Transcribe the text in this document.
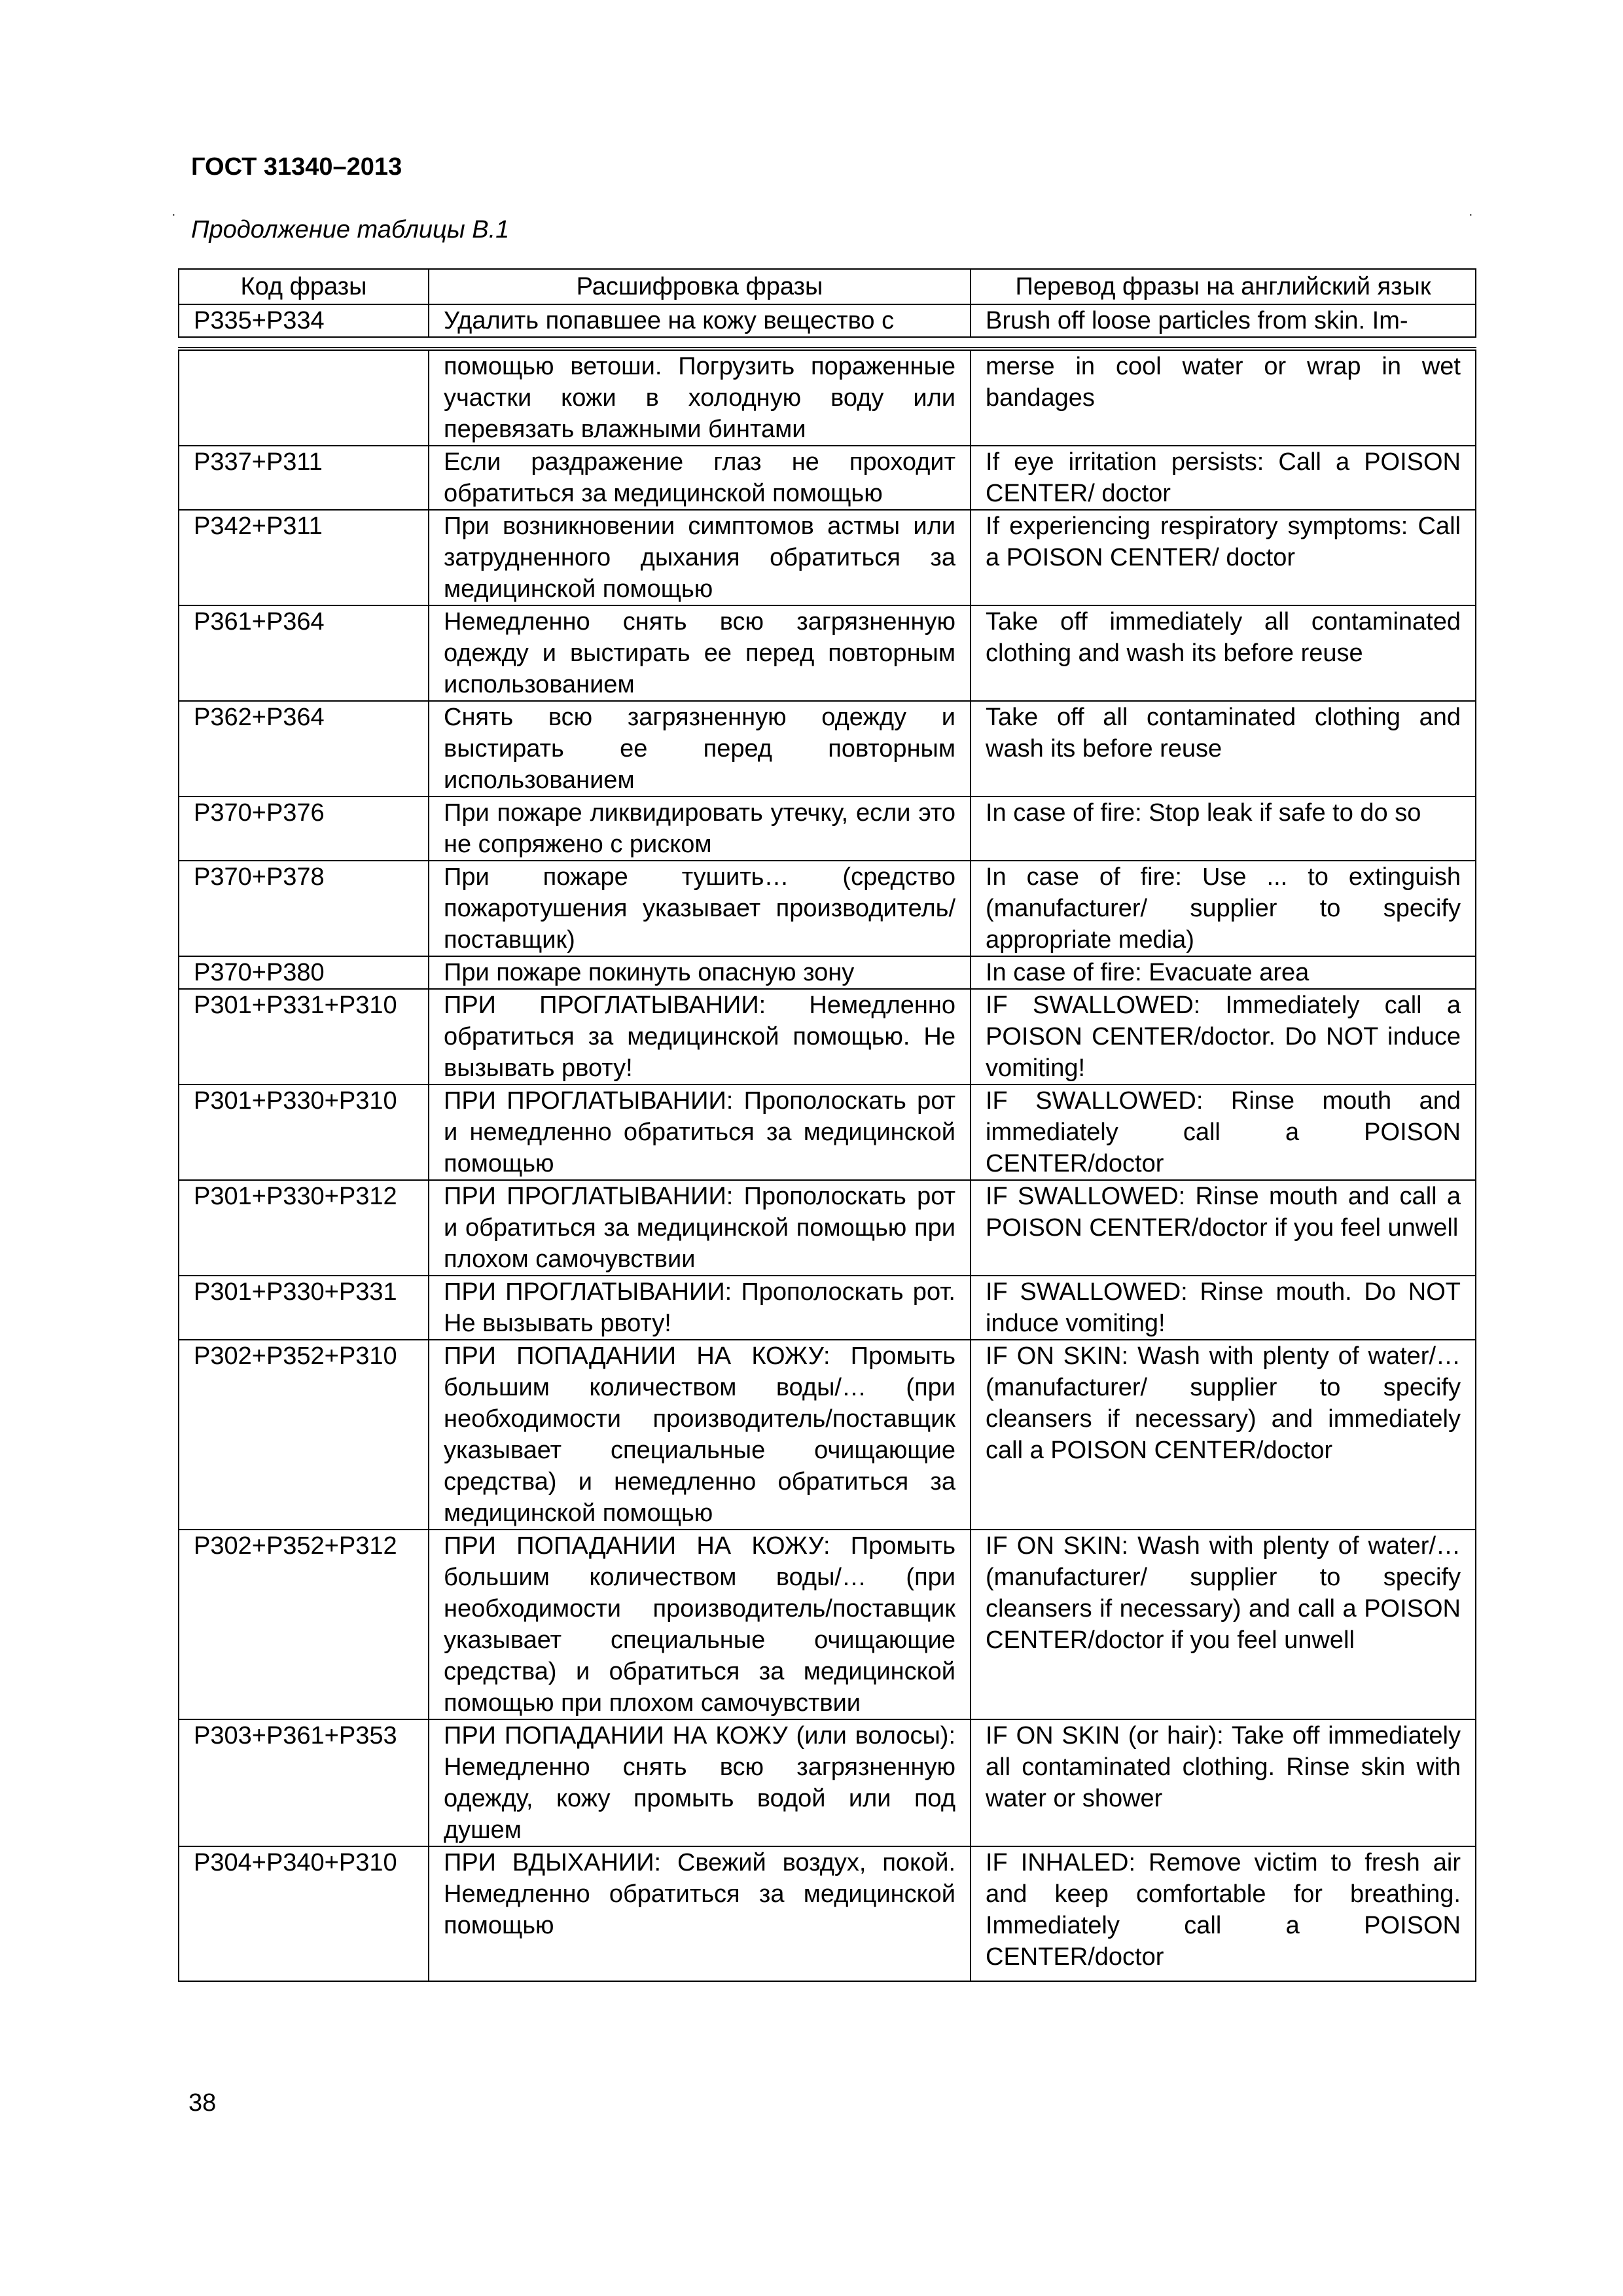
ГОСТ 31340–2013
Продолжение таблицы В.1
·	·
Код фразы	Расшифровка фразы	Перевод фразы на английский язык
P335+P334	Удалить попавшее на кожу вещество с	Brush off loose particles from skin. Im-

	помощью ветоши. Погрузить пораженные участки кожи в холодную воду или перевязать влажными бинтами	merse in cool water or wrap in wet bandages
P337+P311	Если раздражение глаз не проходит обратиться за медицинской помощью	If eye irritation persists: Call a POISON CENTER/ doctor
P342+P311	При возникновении симптомов астмы или затрудненного дыхания обратиться за медицинской помощью	If experiencing respiratory symptoms: Call a POISON CENTER/ doctor
P361+P364	Немедленно снять всю загрязненную одежду и выстирать ее перед повторным использованием	Take off immediately all contaminated clothing and wash its before reuse
P362+P364	Снять всю загрязненную одежду и выстирать ее перед повторным использованием	Take off all contaminated clothing and wash its before reuse
P370+P376	При пожаре ликвидировать утечку, если это не сопряжено с риском	In case of fire: Stop leak if safe to do so
P370+P378	При пожаре тушить… (средство пожаротушения указывает производитель/ поставщик)	In case of fire: Use ... to extinguish (manufacturer/ supplier to specify appropriate media)
P370+P380	При пожаре покинуть опасную зону	In case of fire: Evacuate area
P301+P331+P310	ПРИ ПРОГЛАТЫВАНИИ: Немедленно обратиться за медицинской помощью. Не вызывать рвоту!	IF SWALLOWED: Immediately call a POISON CENTER/doctor. Do NOT induce vomiting!
P301+P330+P310	ПРИ ПРОГЛАТЫВАНИИ: Прополоскать рот и немедленно обратиться за медицинской помощью	IF SWALLOWED: Rinse mouth and immediately call a POISON CENTER/doctor
P301+P330+P312	ПРИ ПРОГЛАТЫВАНИИ: Прополоскать рот и обратиться за медицинской помощью при плохом самочувствии	IF SWALLOWED: Rinse mouth and call a POISON CENTER/doctor if you feel unwell
P301+P330+P331	ПРИ ПРОГЛАТЫВАНИИ: Прополоскать рот. Не вызывать рвоту!	IF SWALLOWED: Rinse mouth. Do NOT induce vomiting!
P302+P352+P310	ПРИ ПОПАДАНИИ НА КОЖУ: Промыть большим количеством воды/… (при необходимости производитель/поставщик указывает специальные очищающие средства) и немедленно обратиться за медицинской помощью	IF ON SKIN: Wash with plenty of water/… (manufacturer/ supplier to specify cleansers if necessary) and immediately call a POISON CENTER/doctor
P302+P352+P312	ПРИ ПОПАДАНИИ НА КОЖУ: Промыть большим количеством воды/… (при необходимости производитель/поставщик указывает специальные очищающие средства) и обратиться за медицинской помощью при плохом самочувствии	IF ON SKIN: Wash with plenty of water/… (manufacturer/ supplier to specify cleansers if necessary) and call a POISON CENTER/doctor if you feel unwell
P303+P361+P353	ПРИ ПОПАДАНИИ НА КОЖУ (или волосы): Немедленно снять всю загрязненную одежду, кожу промыть водой или под душем	IF ON SKIN (or hair): Take off immediately all contaminated clothing. Rinse skin with water or shower
P304+P340+P310	ПРИ ВДЫХАНИИ: Свежий воздух, покой. Немедленно обратиться за медицинской помощью	IF INHALED: Remove victim to fresh air and keep comfortable for breathing. Immediately call a POISON CENTER/doctor
38
